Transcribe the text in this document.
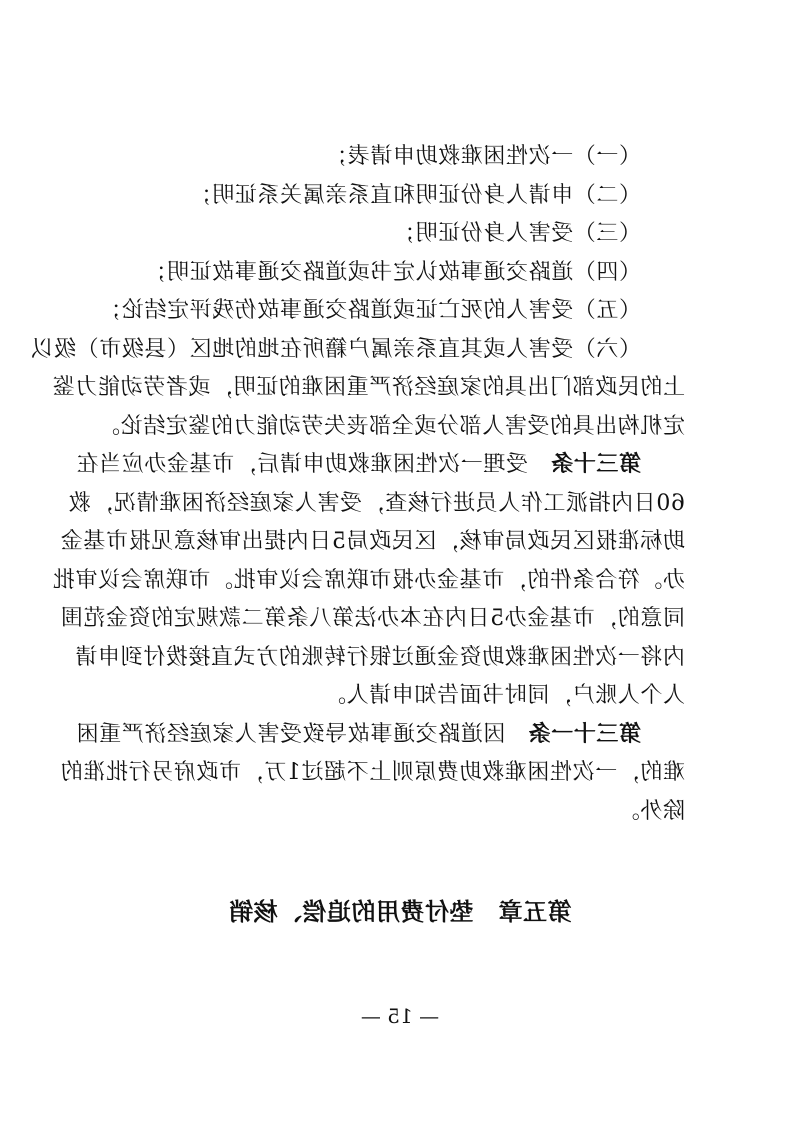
（一）一次性困难救助申请表；
（二）申请人身份证明和直系亲属关系证明；
（三）受害人身份证明；
（四）道路交通事故认定书或道路交通事故证明；
（五）受害人的死亡证或道路交通事故伤残评定结论；
（六）受害人或其直系亲属户籍所在地的地区（县级市）级以
上的民政部门出具的家庭经济严重困难的证明，或者劳动能力鉴
定机构出具的受害人部分或全部丧失劳动能力的鉴定结论。
第三十条　受理一次性困难救助申请后，市基金办应当在
60日内指派工作人员进行核查，受害人家庭经济困难情况，救
助标准报区民政局审核，区民政局5日内提出审核意见报市基金
办。符合条件的，市基金办报市联席会议审批。市联席会议审批
同意的，市基金办5日内在本办法第八条第二款规定的资金范围
内将一次性困难救助资金通过银行转账的方式直接拨付到申请
人个人账户，同时书面告知申请人。
第三十一条　因道路交通事故导致受害人家庭经济严重困
难的，一次性困难救助费原则上不超过1万，市政府另行批准的
除外。
第五章　垫付费用的追偿、核销
— 15 —
